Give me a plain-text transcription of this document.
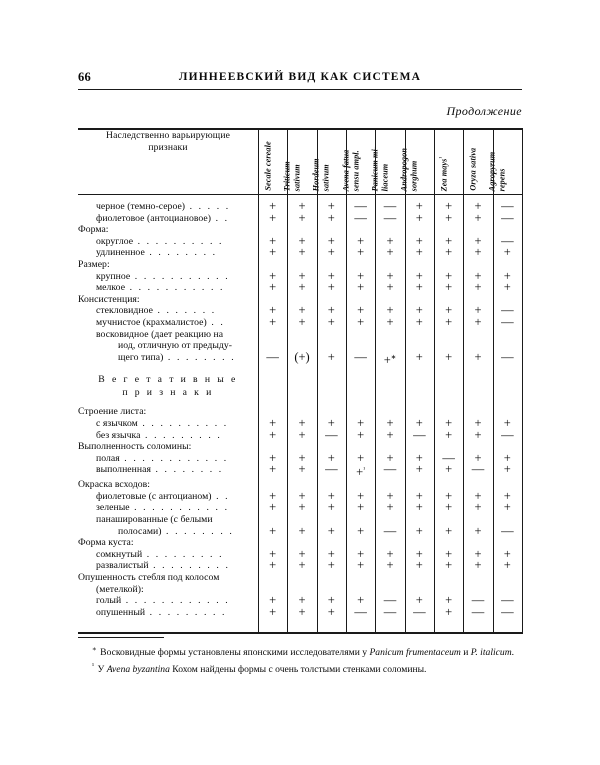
66	ЛИННЕЕВСКИЙ ВИД КАК СИСТЕМА
Продолжение

Наследственно варьирующие
признаки	Secale cereale	Triticum sativum	Hordeum sativum	Avena fatua sensu ampl.	Panicum mi- liaceum	Andropogon sorghum	Zea mays$^{^1}$	Oryza sativa	Agropyrum repens

черное (темно-серое) . . . . .	+	+	+	—	—	+	+	+	—
фиолетовое (антоциановое) . .	+	+	+	—	—	+	+	+	—
Форма:									
округлое . . . . . . . . . .	+	+	+	+	+	+	+	+	—
удлиненное . . . . . . . .	+	+	+	+	+	+	+	+	+
Размер:									
крупное . . . . . . . . . . .	+	+	+	+	+	+	+	+	+
мелкое . . . . . . . . . . .	+	+	+	+	+	+	+	+	+
Консистенция:									
стекловидное . . . . . . .	+	+	+	+	+	+	+	+	—
мучнистое (крахмалистое) . .	+	+	+	+	+	+	+	+	—
восковидное (дает реакцию на									
иод, отличную от предыду-									
щего типа) . . . . . . . .	—	(+)	+	—	+∗	+	+	+	—

В е г е т а т и в н ы е									
п р и з н а к и									

Строение листа:									
с язычком . . . . . . . . . .	+	+	+	+	+	+	+	+	+
без язычка . . . . . . . . .	+	+	—	+	+	—	+	+	—
Выполненность соломины:									
полая . . . . . . . . . . . .	+	+	+	+	+	+	—	+	+
выполненная . . . . . . . .	+	+	—	+$^{^1}$	—	+	+	—	+
Окраска всходов:									
фиолетовые (с антоцианом) . .	+	+	+	+	+	+	+	+	+
зеленые . . . . . . . . . . .	+	+	+	+	+	+	+	+	+
панашированные (с белыми									
полосами) . . . . . . . .	+	+	+	+	—	+	+	+	—
Форма куста:									
сомкнутый . . . . . . . . .	+	+	+	+	+	+	+	+	+
развалистый . . . . . . . . .	+	+	+	+	+	+	+	+	+
Опушенность стебля под колосом									
(метелкой):									
голый . . . . . . . . . . . .	+	+	+	+	—	+	+	—	—
опушенный . . . . . . . . .	+	+	+	—	—	—	+	—	—

∗ Восковидные формы установлены японскими исследователями у Panicum frumentaceum и P. italicum.

$^{^1}$ У Avena byzantina Кохом найдены формы с очень толстыми стенками соломины.
